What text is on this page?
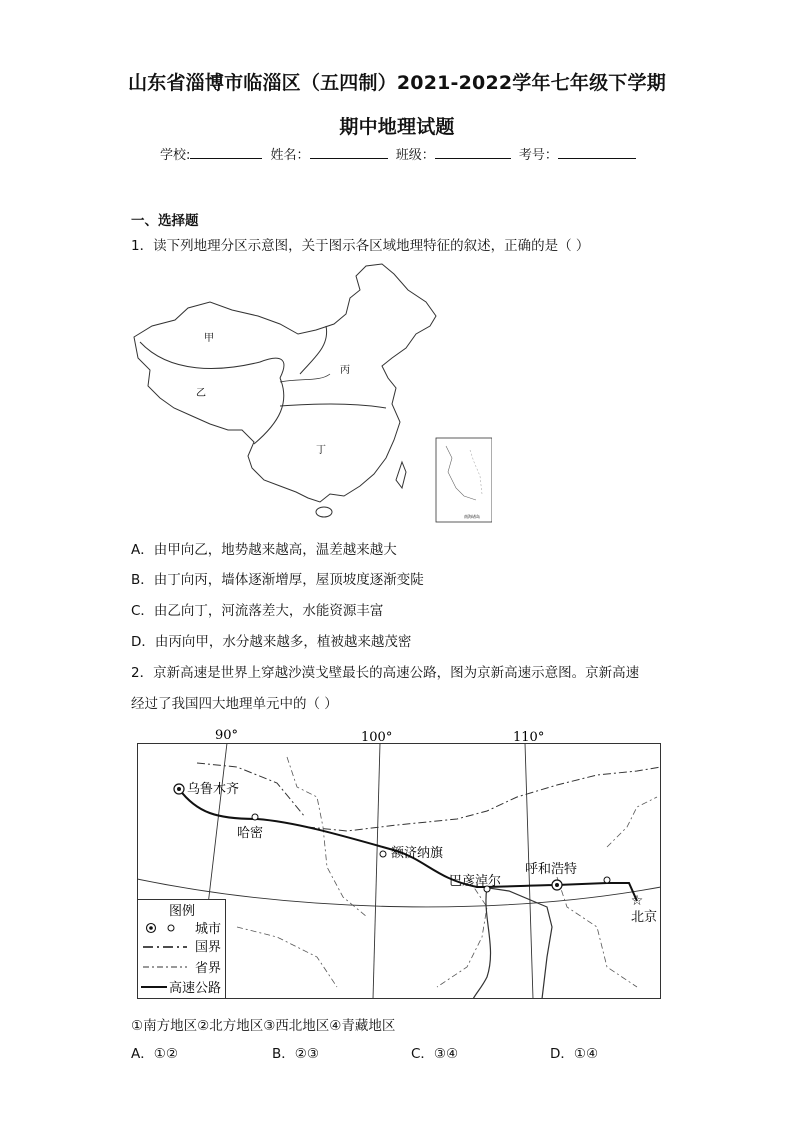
山东省淄博市临淄区（五四制）2021-2022学年七年级下学期
期中地理试题
学校:	姓名：	班级：	考号：
一、选择题
1．读下列地理分区示意图，关于图示各区域地理特征的叙述，正确的是（ ）
甲
乙
丙
丁
南海诸岛
A．由甲向乙，地势越来越高，温差越来越大
B．由丁向丙，墙体逐渐增厚，屋顶坡度逐渐变陡
C．由乙向丁，河流落差大，水能资源丰富
D．由丙向甲，水分越来越多，植被越来越茂密
2．京新高速是世界上穿越沙漠戈壁最长的高速公路，图为京新高速示意图。京新高速
经过了我国四大地理单元中的（ ）
90°	100°	110°
☆
乌鲁木齐
哈密
额济纳旗
巴彦淖尔
呼和浩特
北京
图例
城市
国界
省界
高速公路
①南方地区②北方地区③西北地区④青藏地区
A．①②	B．②③	C．③④	D．①④
